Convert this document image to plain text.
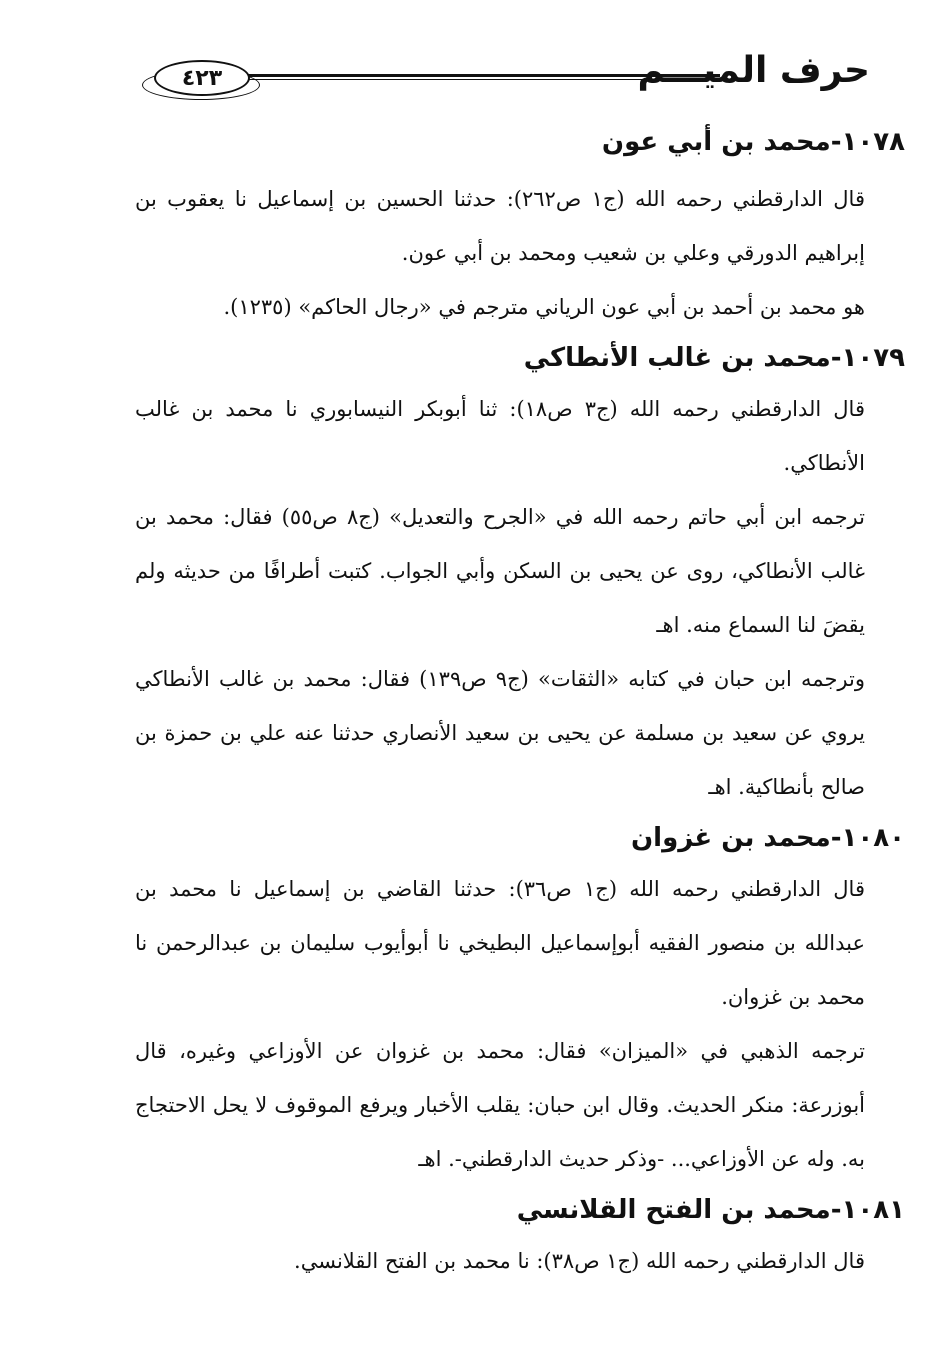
٤٢٣	حرف الميـــم
١٠٧٨-محمد بن أبي عون

قال الدارقطني رحمه الله (ج١ ص٢٦٢): حدثنا الحسين بن إسماعيل نا يعقوب بن إبراهيم الدورقي وعلي بن شعيب ومحمد بن أبي عون.

هو محمد بن أحمد بن أبي عون الرياني مترجم في «رجال الحاكم» (١٢٣٥).

١٠٧٩-محمد بن غالب الأنطاكي

قال الدارقطني رحمه الله (ج٣ ص١٨): ثنا أبوبكر النيسابوري نا محمد بن غالب الأنطاكي.

ترجمه ابن أبي حاتم رحمه الله في «الجرح والتعديل» (ج٨ ص٥٥) فقال: محمد بن غالب الأنطاكي، روى عن يحيى بن السكن وأبي الجواب. كتبت أطرافًا من حديثه ولم يقضَ لنا السماع منه. اهـ

وترجمه ابن حبان في كتابه «الثقات» (ج٩ ص١٣٩) فقال: محمد بن غالب الأنطاكي يروي عن سعيد بن مسلمة عن يحيى بن سعيد الأنصاري حدثنا عنه علي بن حمزة بن صالح بأنطاكية. اهـ

١٠٨٠-محمد بن غزوان

قال الدارقطني رحمه الله (ج١ ص٣٦): حدثنا القاضي بن إسماعيل نا محمد بن عبدالله بن منصور الفقيه أبوإسماعيل البطيخي نا أبوأيوب سليمان بن عبدالرحمن نا محمد بن غزوان.

ترجمه الذهبي في «الميزان» فقال: محمد بن غزوان عن الأوزاعي وغيره، قال أبوزرعة: منكر الحديث. وقال ابن حبان: يقلب الأخبار ويرفع الموقوف لا يحل الاحتجاج به. وله عن الأوزاعي... -وذكر حديث الدارقطني-. اهـ

١٠٨١-محمد بن الفتح القلانسي

قال الدارقطني رحمه الله (ج١ ص٣٨): نا محمد بن الفتح القلانسي.
